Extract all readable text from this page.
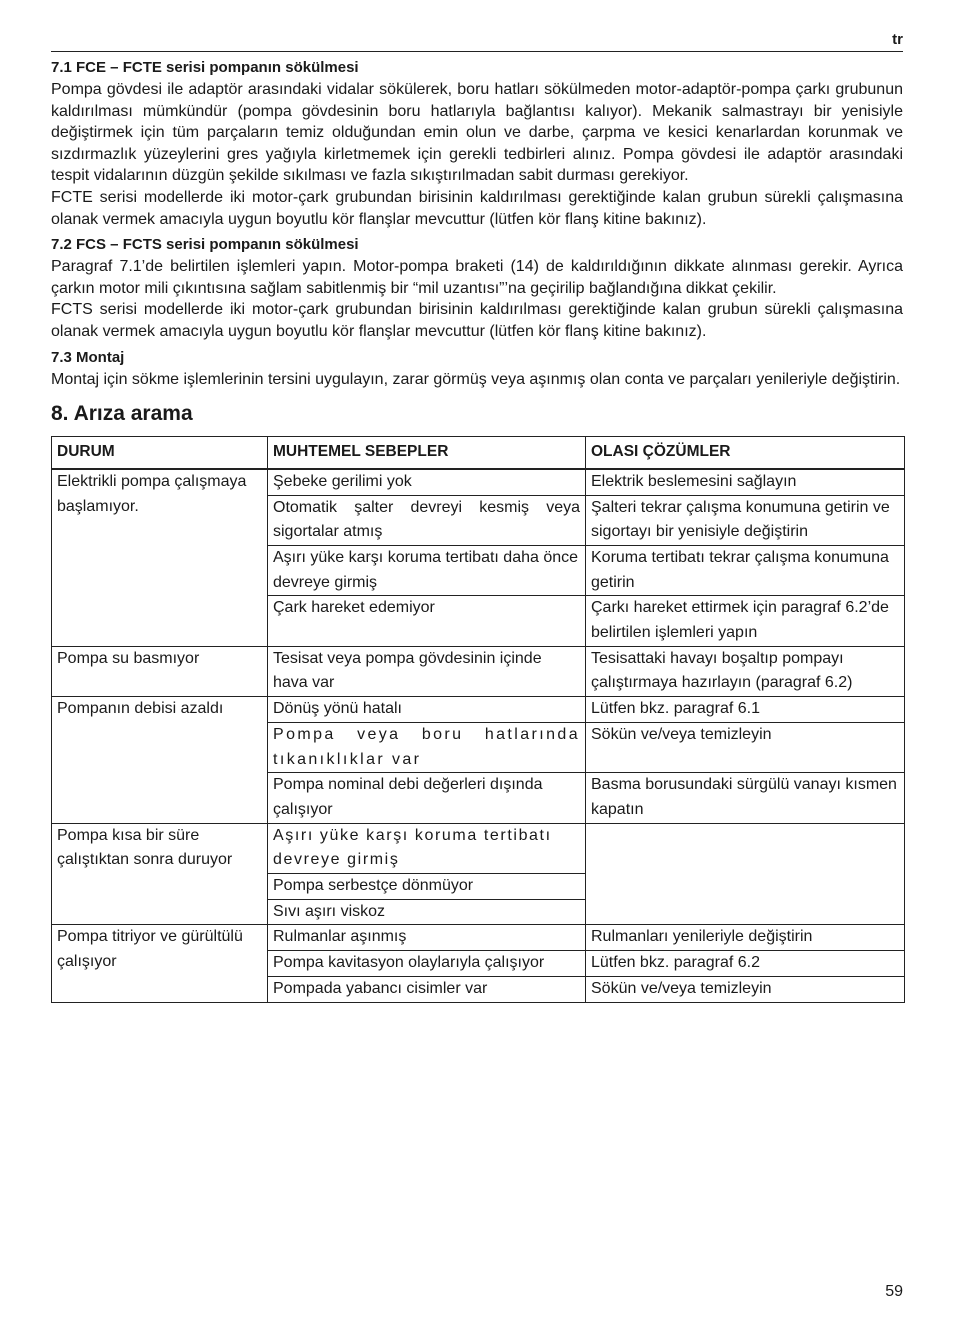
tr

7.1 FCE – FCTE serisi pompanın sökülmesi

Pompa gövdesi ile adaptör arasındaki vidalar sökülerek, boru hatları sökülmeden motor-adaptör-pompa çarkı grubunun kaldırılması mümkündür (pompa gövdesinin boru hatlarıyla bağlantısı kalıyor). Mekanik salmastrayı bir yenisiyle değiştirmek için tüm parçaların temiz olduğundan emin olun ve darbe, çarpma ve kesici kenarlardan korunmak ve sızdırmazlık yüzeylerini gres yağıyla kirletmemek için gerekli tedbirleri alınız. Pompa gövdesi ile adaptör arasındaki tespit vidalarının düzgün şekilde sıkılması ve fazla sıkıştırılmadan sabit durması gerekiyor.

FCTE serisi modellerde iki motor-çark grubundan birisinin kaldırılması gerektiğinde kalan grubun sürekli çalışmasına olanak vermek amacıyla uygun boyutlu kör flanşlar mevcuttur (lütfen kör flanş kitine bakınız).

7.2 FCS – FCTS serisi pompanın sökülmesi

Paragraf 7.1’de belirtilen işlemleri yapın. Motor-pompa braketi (14) de kaldırıldığının dikkate alınması gerekir. Ayrıca çarkın motor mili çıkıntısına sağlam sabitlenmiş bir “mil uzantısı”’na geçirilip bağlandığına dikkat çekilir.

FCTS serisi modellerde iki motor-çark grubundan birisinin kaldırılması gerektiğinde kalan grubun sürekli çalışmasına olanak vermek amacıyla uygun boyutlu kör flanşlar mevcuttur (lütfen kör flanş kitine bakınız).

7.3 Montaj

Montaj için sökme işlemlerinin tersini uygulayın, zarar görmüş veya aşınmış olan conta ve parçaları yenileriyle değiştirin.

8. Arıza arama

DURUM	MUHTEMEL SEBEPLER	OLASI ÇÖZÜMLER
Elektrikli pompa çalışmaya başlamıyor.	Şebeke gerilimi yok	Elektrik beslemesini sağlayın
	Otomatik şalter devreyi kesmiş veya sigortalar atmış	Şalteri tekrar çalışma konumuna getirin ve sigortayı bir yenisiyle değiştirin
	Aşırı yüke karşı koruma tertibatı daha önce devreye girmiş	Koruma tertibatı tekrar çalışma konumuna getirin
	Çark hareket edemiyor	Çarkı hareket ettirmek için paragraf 6.2’de belirtilen işlemleri yapın
Pompa su basmıyor	Tesisat veya pompa gövdesinin içinde hava var	Tesisattaki havayı boşaltıp pompayı çalıştırmaya hazırlayın (paragraf 6.2)
Pompanın debisi azaldı	Dönüş yönü hatalı	Lütfen bkz. paragraf 6.1
	Pompa veya boru hatlarında tıkanıklıklar var	Sökün ve/veya temizleyin
	Pompa nominal debi değerleri dışında çalışıyor	Basma borusundaki sürgülü vanayı kısmen kapatın
Pompa kısa bir süre çalıştıktan sonra duruyor	Aşırı yüke karşı koruma tertibatı devreye girmiş	
	Pompa serbestçe dönmüyor	
	Sıvı aşırı viskoz	
Pompa titriyor ve gürültülü çalışıyor	Rulmanlar aşınmış	Rulmanları yenileriyle değiştirin
	Pompa kavitasyon olaylarıyla çalışıyor	Lütfen bkz. paragraf 6.2
	Pompada yabancı cisimler var	Sökün ve/veya temizleyin
59
